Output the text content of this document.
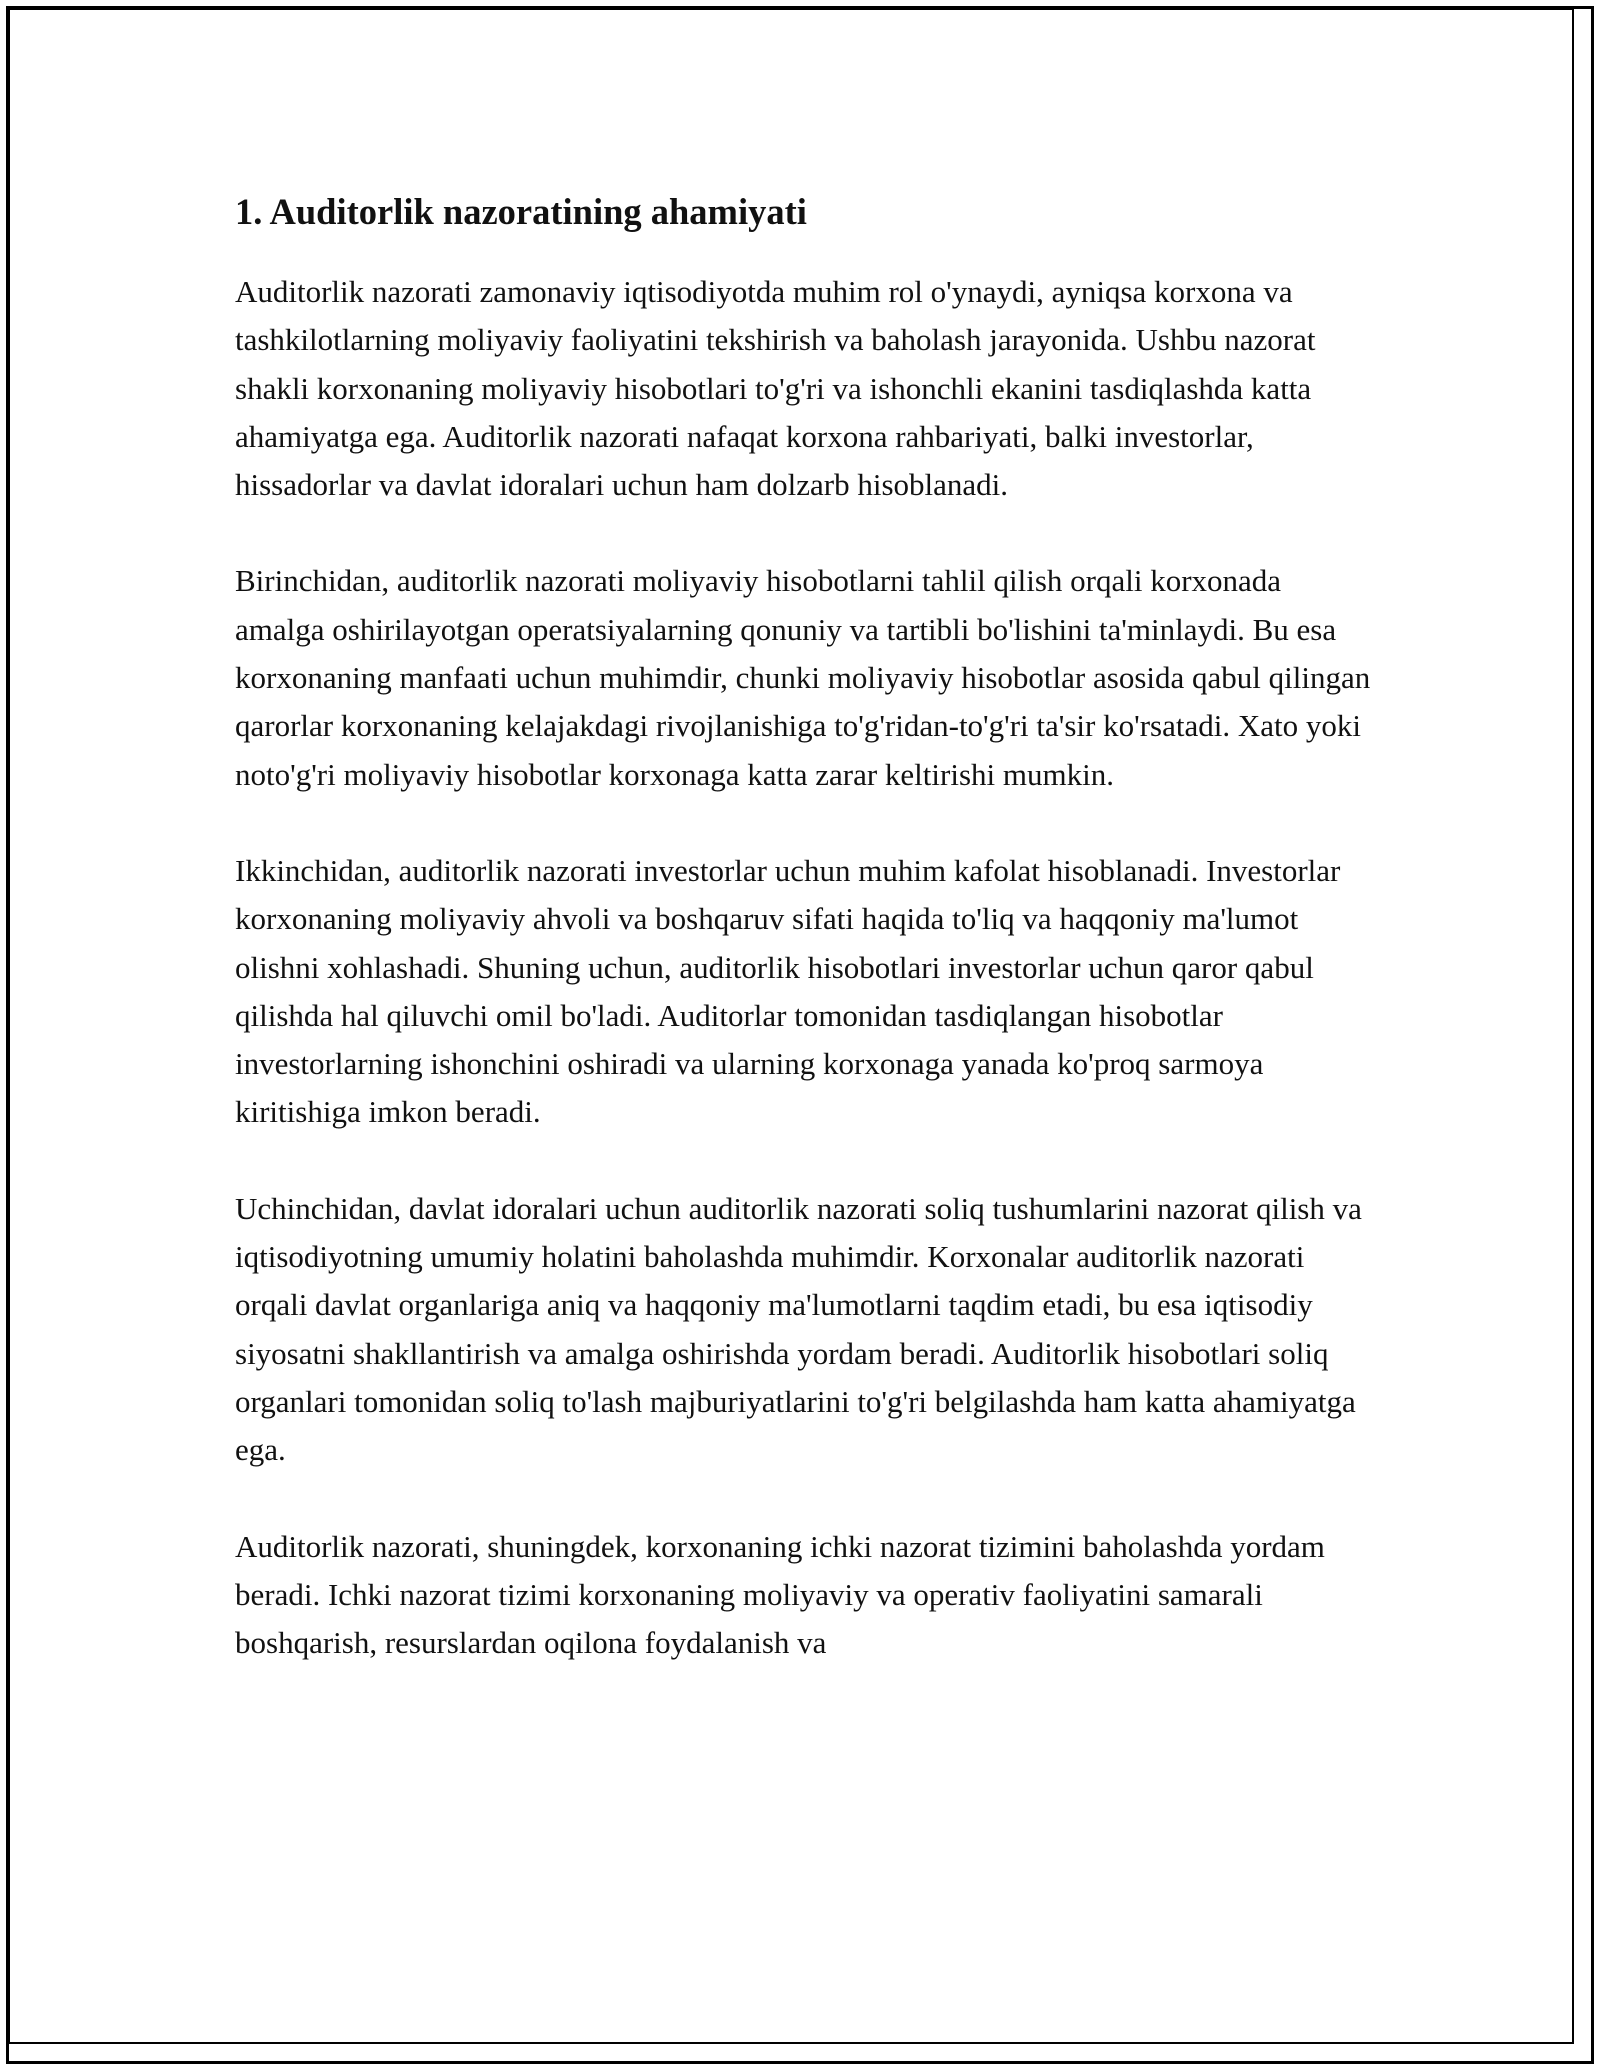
1. Auditorlik nazoratining ahamiyati

Auditorlik nazorati zamonaviy iqtisodiyotda muhim rol o'ynaydi, ayniqsa korxona va tashkilotlarning moliyaviy faoliyatini tekshirish va baholash jarayonida. Ushbu nazorat shakli korxonaning moliyaviy hisobotlari to'g'ri va ishonchli ekanini tasdiqlashda katta ahamiyatga ega. Auditorlik nazorati nafaqat korxona rahbariyati, balki investorlar, hissadorlar va davlat idoralari uchun ham dolzarb hisoblanadi.

Birinchidan, auditorlik nazorati moliyaviy hisobotlarni tahlil qilish orqali korxonada amalga oshirilayotgan operatsiyalarning qonuniy va tartibli bo'lishini ta'minlaydi. Bu esa korxonaning manfaati uchun muhimdir, chunki moliyaviy hisobotlar asosida qabul qilingan qarorlar korxonaning kelajakdagi rivojlanishiga to'g'ridan-to'g'ri ta'sir ko'rsatadi. Xato yoki noto'g'ri moliyaviy hisobotlar korxonaga katta zarar keltirishi mumkin.

Ikkinchidan, auditorlik nazorati investorlar uchun muhim kafolat hisoblanadi. Investorlar korxonaning moliyaviy ahvoli va boshqaruv sifati haqida to'liq va haqqoniy ma'lumot olishni xohlashadi. Shuning uchun, auditorlik hisobotlari investorlar uchun qaror qabul qilishda hal qiluvchi omil bo'ladi. Auditorlar tomonidan tasdiqlangan hisobotlar investorlarning ishonchini oshiradi va ularning korxonaga yanada ko'proq sarmoya kiritishiga imkon beradi.

Uchinchidan, davlat idoralari uchun auditorlik nazorati soliq tushumlarini nazorat qilish va iqtisodiyotning umumiy holatini baholashda muhimdir. Korxonalar auditorlik nazorati orqali davlat organlariga aniq va haqqoniy ma'lumotlarni taqdim etadi, bu esa iqtisodiy siyosatni shakllantirish va amalga oshirishda yordam beradi. Auditorlik hisobotlari soliq organlari tomonidan soliq to'lash majburiyatlarini to'g'ri belgilashda ham katta ahamiyatga ega.

Auditorlik nazorati, shuningdek, korxonaning ichki nazorat tizimini baholashda yordam beradi. Ichki nazorat tizimi korxonaning moliyaviy va operativ faoliyatini samarali boshqarish, resurslardan oqilona foydalanish va
